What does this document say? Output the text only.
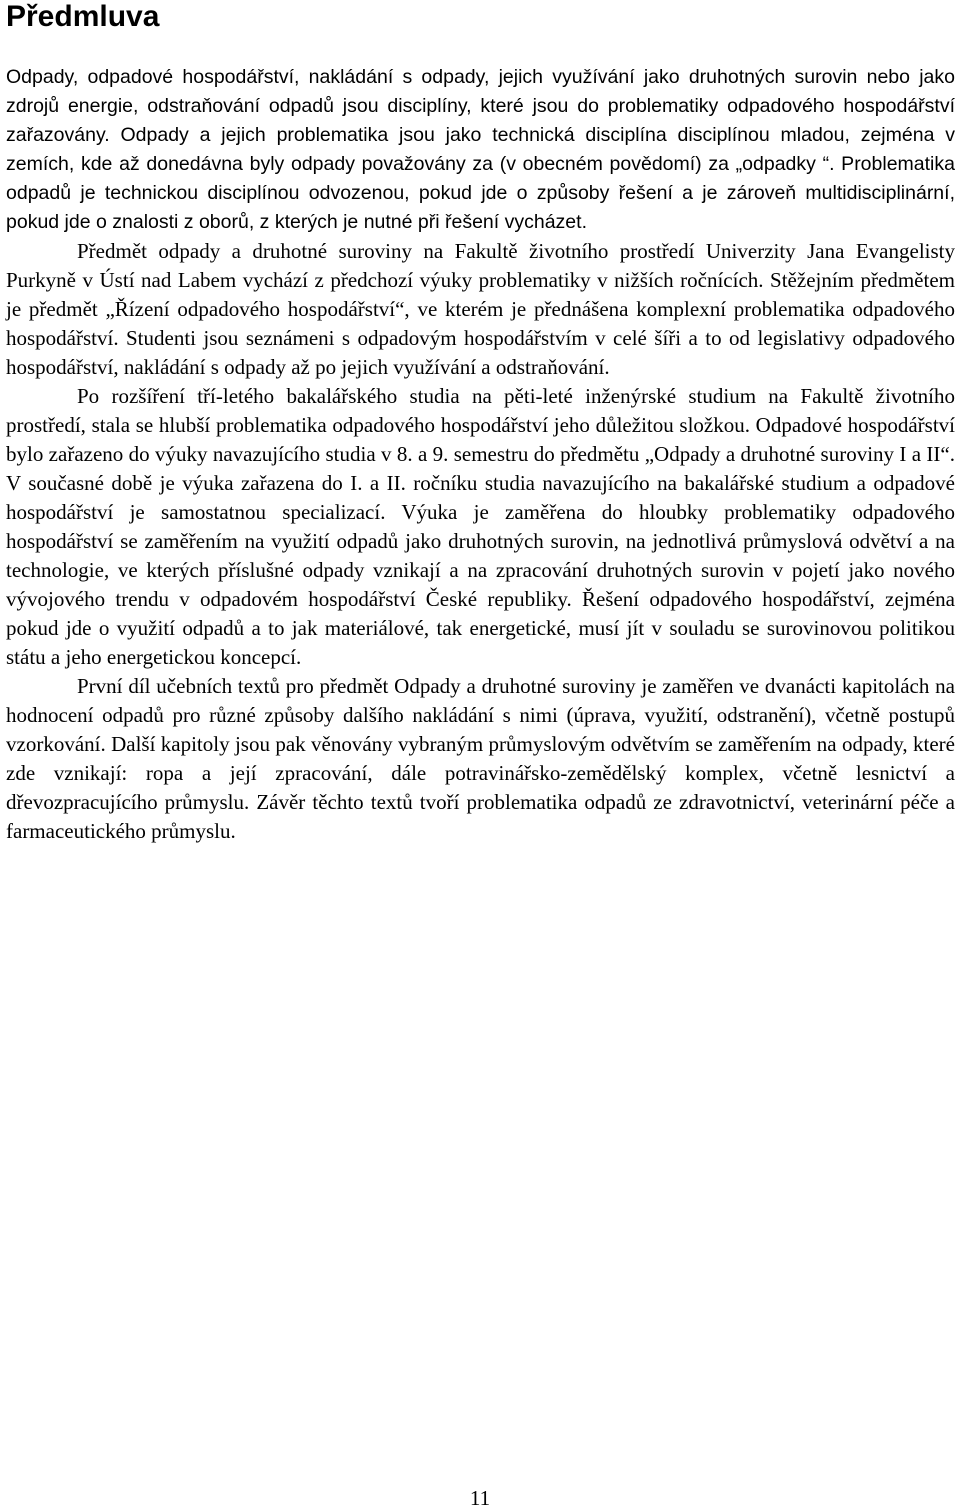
Předmluva

Odpady, odpadové hospodářství, nakládání s odpady, jejich využívání jako druhotných surovin nebo jako zdrojů energie, odstraňování odpadů jsou disciplíny, které jsou do problematiky odpadového hospodářství zařazovány. Odpady a jejich problematika jsou jako technická disciplína disciplínou mladou, zejména v zemích, kde až donedávna byly odpady považovány za (v obecném povědomí) za „odpadky “. Problematika odpadů je technickou disciplínou odvozenou, pokud jde o způsoby řešení a je zároveň multidisciplinární, pokud jde o znalosti z oborů, z kterých je nutné při řešení vycházet.

Předmět odpady a druhotné suroviny na Fakultě životního prostředí Univerzity Jana Evangelisty Purkyně v Ústí nad Labem vychází z předchozí výuky problematiky v nižších ročnících. Stěžejním předmětem je předmět „Řízení odpadového hospodářství“, ve kterém je přednášena komplexní problematika odpadového hospodářství. Studenti jsou seznámeni s odpadovým hospodářstvím v celé šíři a to od legislativy odpadového hospodářství, nakládání s odpady až po jejich využívání a odstraňování.

Po rozšíření tří-letého bakalářského studia na pěti-leté inženýrské studium na Fakultě životního prostředí, stala se hlubší problematika odpadového hospodářství jeho důležitou složkou. Odpadové hospodářství bylo zařazeno do výuky navazujícího studia v 8. a 9. semestru do předmětu „Odpady a druhotné suroviny I a II“. V současné době je výuka zařazena do I. a II. ročníku studia navazujícího na bakalářské studium a odpadové hospodářství je samostatnou specializací. Výuka je zaměřena do hloubky problematiky odpadového hospodářství se zaměřením na využití odpadů jako druhotných surovin, na jednotlivá průmyslová odvětví a na technologie, ve kterých příslušné odpady vznikají a na zpracování druhotných surovin v pojetí jako nového vývojového trendu v odpadovém hospodářství České republiky. Řešení odpadového hospodářství, zejména pokud jde o využití odpadů a to jak materiálové, tak energetické, musí jít v souladu se surovinovou politikou státu a jeho energetickou koncepcí.

První díl učebních textů pro předmět Odpady a druhotné suroviny je zaměřen ve dvanácti kapitolách na hodnocení odpadů pro různé způsoby dalšího nakládání s nimi (úprava, využití, odstranění), včetně postupů vzorkování. Další kapitoly jsou pak věnovány vybraným průmyslovým odvětvím se zaměřením na odpady, které zde vznikají: ropa a její zpracování, dále potravinářsko-zemědělský komplex, včetně lesnictví a dřevozpracujícího průmyslu. Závěr těchto textů tvoří problematika odpadů ze zdravotnictví, veterinární péče a farmaceutického průmyslu.

11
